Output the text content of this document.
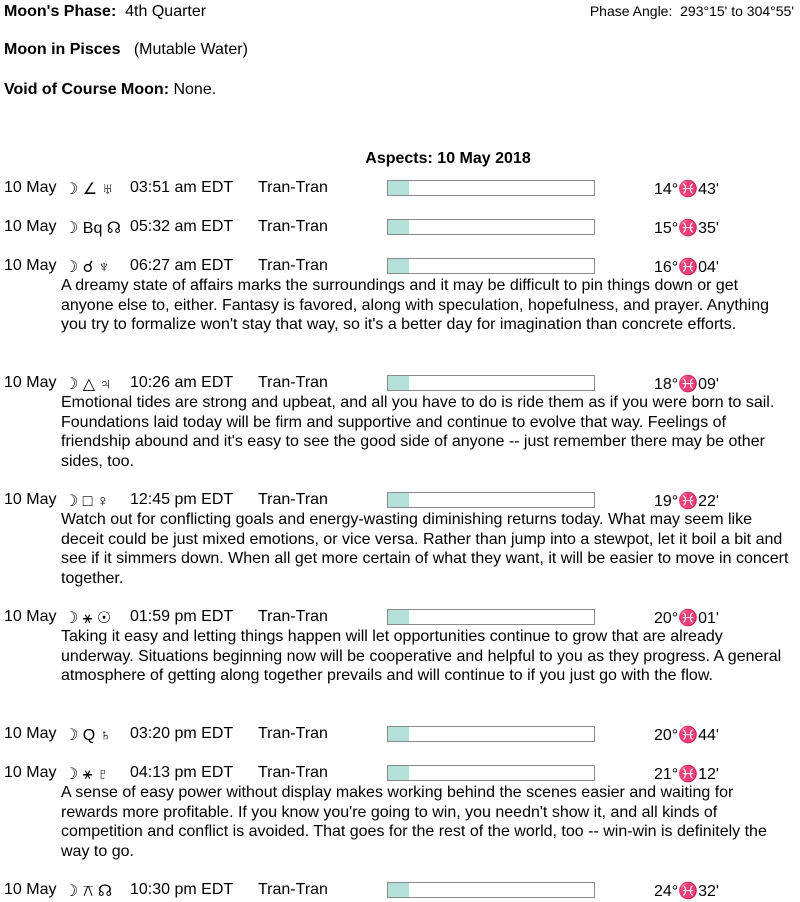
Moon's Phase: 4th Quarter	Phase Angle: 293°15' to 304°55'
Moon in Pisces (Mutable Water)
Void of Course Moon: None.
Aspects: 10 May 2018
10 May ☽ ∠ ♅ 03:51 am EDT Tran-Tran	14°♓43'
10 May ☽ Bq ☊ 05:32 am EDT Tran-Tran	15°♓35'
10 May ☽ ☌ ♆ 06:27 am EDT Tran-Tran	16°♓04'
A dreamy state of affairs marks the surroundings and it may be difficult to pin things down or get anyone else to, either. Fantasy is favored, along with speculation, hopefulness, and prayer. Anything you try to formalize won't stay that way, so it's a better day for imagination than concrete efforts.
10 May ☽ △ ♃ 10:26 am EDT Tran-Tran	18°♓09'
Emotional tides are strong and upbeat, and all you have to do is ride them as if you were born to sail. Foundations laid today will be firm and supportive and continue to evolve that way. Feelings of friendship abound and it's easy to see the good side of anyone -- just remember there may be other sides, too.
10 May ☽ □ ♀ 12:45 pm EDT Tran-Tran	19°♓22'
Watch out for conflicting goals and energy-wasting diminishing returns today. What may seem like deceit could be just mixed emotions, or vice versa. Rather than jump into a stewpot, let it boil a bit and see if it simmers down. When all get more certain of what they want, it will be easier to move in concert together.
10 May ☽ ⚹ ☉ 01:59 pm EDT Tran-Tran	20°♓01'
Taking it easy and letting things happen will let opportunities continue to grow that are already underway. Situations beginning now will be cooperative and helpful to you as they progress. A general atmosphere of getting along together prevails and will continue to if you just go with the flow.
10 May ☽ Q ♄ 03:20 pm EDT Tran-Tran	20°♓44'
10 May ☽ ⚹ ♇ 04:13 pm EDT Tran-Tran	21°♓12'
A sense of easy power without display makes working behind the scenes easier and waiting for rewards more profitable. If you know you're going to win, you needn't show it, and all kinds of competition and conflict is avoided. That goes for the rest of the world, too -- win-win is definitely the way to go.
10 May ☽ ⚻ ☊ 10:30 pm EDT Tran-Tran	24°♓32'
